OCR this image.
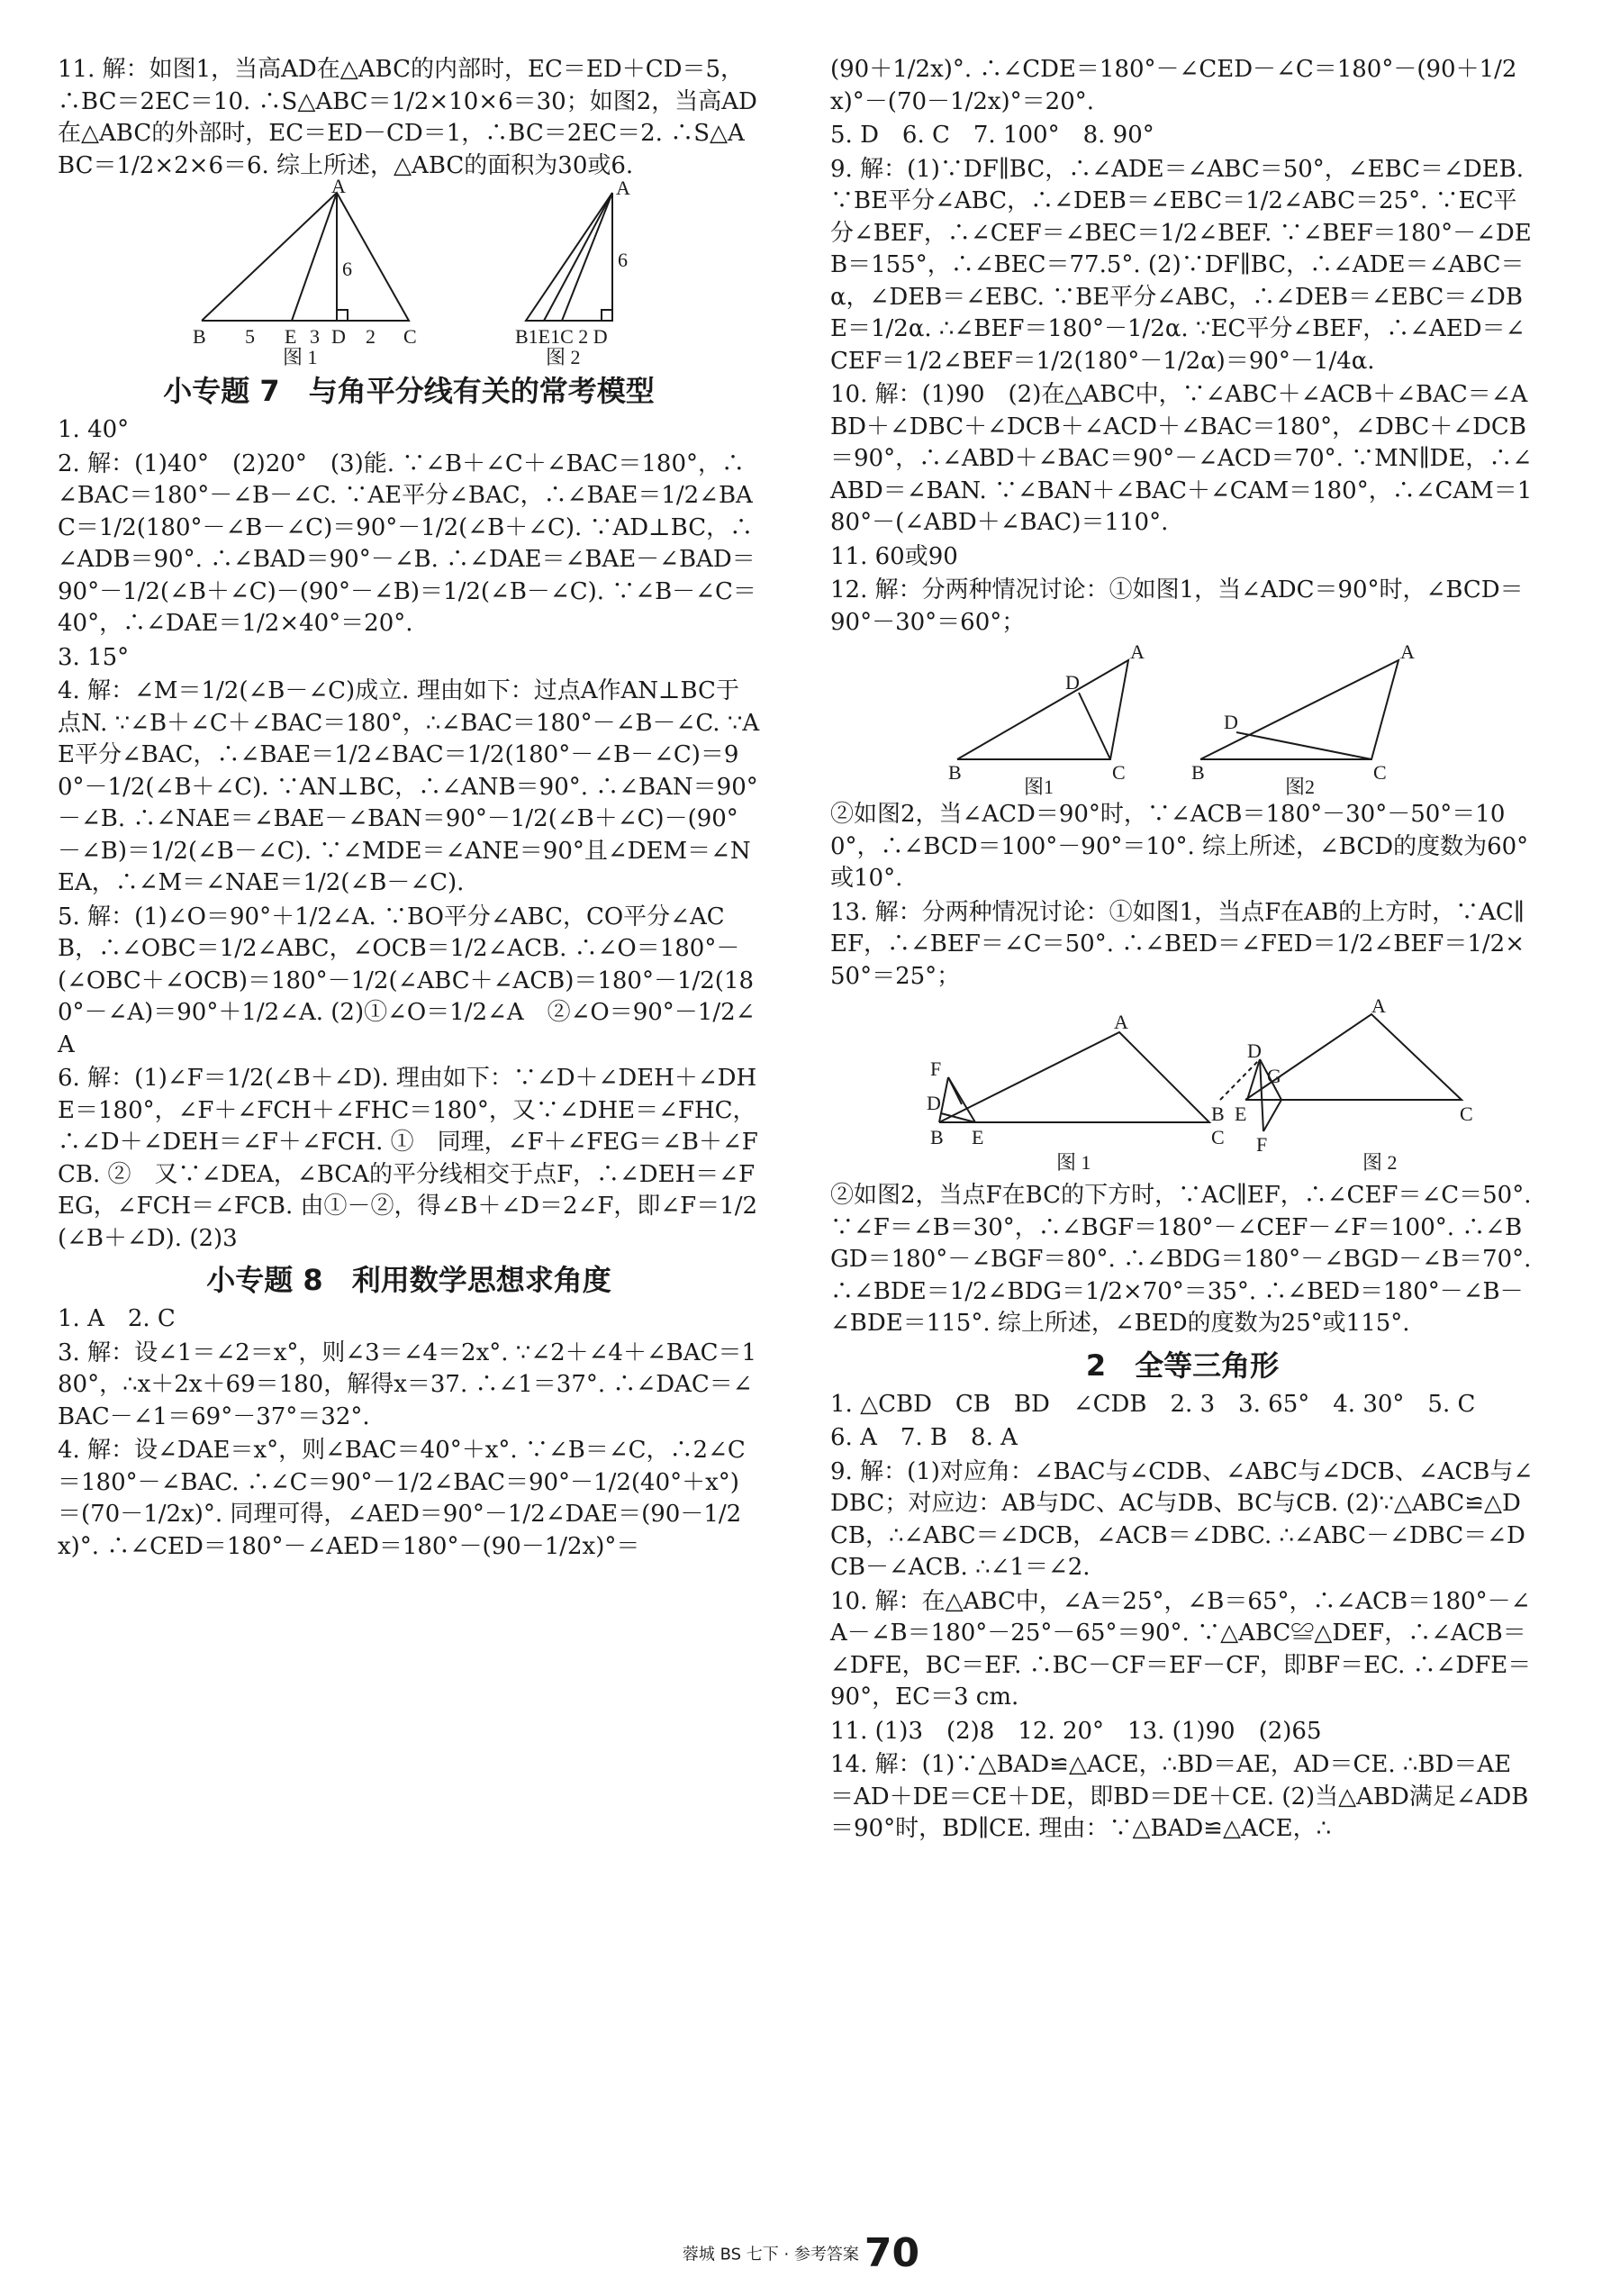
11. 解：如图1，当高AD在△ABC的内部时，EC＝ED＋CD＝5，∴BC＝2EC＝10. ∴S△ABC＝1/2×10×6＝30；如图2，当高AD在△ABC的外部时，EC＝ED－CD＝1，∴BC＝2EC＝2. ∴S△ABC＝1/2×2×6＝6. 综上所述，△ABC的面积为30或6.

A
B 5 E 3 D 2 C
6
图 1
A
B1E1C 2 D
6
图 2
小专题 7　与角平分线有关的常考模型

1. 40°

2. 解：(1)40°　(2)20°　(3)能. ∵∠B＋∠C＋∠BAC＝180°，∴∠BAC＝180°－∠B－∠C. ∵AE平分∠BAC，∴∠BAE＝1/2∠BAC＝1/2(180°－∠B－∠C)＝90°－1/2(∠B＋∠C). ∵AD⊥BC，∴∠ADB＝90°. ∴∠BAD＝90°－∠B. ∴∠DAE＝∠BAE－∠BAD＝90°－1/2(∠B＋∠C)－(90°－∠B)＝1/2(∠B－∠C). ∵∠B－∠C＝40°，∴∠DAE＝1/2×40°＝20°.

3. 15°

4. 解：∠M＝1/2(∠B－∠C)成立. 理由如下：过点A作AN⊥BC于点N. ∵∠B＋∠C＋∠BAC＝180°，∴∠BAC＝180°－∠B－∠C. ∵AE平分∠BAC，∴∠BAE＝1/2∠BAC＝1/2(180°－∠B－∠C)＝90°－1/2(∠B＋∠C). ∵AN⊥BC，∴∠ANB＝90°. ∴∠BAN＝90°－∠B. ∴∠NAE＝∠BAE－∠BAN＝90°－1/2(∠B＋∠C)－(90°－∠B)＝1/2(∠B－∠C). ∵∠MDE＝∠ANE＝90°且∠DEM＝∠NEA，∴∠M＝∠NAE＝1/2(∠B－∠C).

5. 解：(1)∠O＝90°＋1/2∠A. ∵BO平分∠ABC，CO平分∠ACB，∴∠OBC＝1/2∠ABC，∠OCB＝1/2∠ACB. ∴∠O＝180°－(∠OBC＋∠OCB)＝180°－1/2(∠ABC＋∠ACB)＝180°－1/2(180°－∠A)＝90°＋1/2∠A. (2)①∠O＝1/2∠A　②∠O＝90°－1/2∠A

6. 解：(1)∠F＝1/2(∠B＋∠D). 理由如下：∵∠D＋∠DEH＋∠DHE＝180°，∠F＋∠FCH＋∠FHC＝180°，又∵∠DHE＝∠FHC，∴∠D＋∠DEH＝∠F＋∠FCH. ①　同理，∠F＋∠FEG＝∠B＋∠FCB. ②　又∵∠DEA，∠BCA的平分线相交于点F，∴∠DEH＝∠FEG，∠FCH＝∠FCB. 由①－②，得∠B＋∠D＝2∠F，即∠F＝1/2(∠B＋∠D). (2)3

小专题 8　利用数学思想求角度

1. A　2. C

3. 解：设∠1＝∠2＝x°，则∠3＝∠4＝2x°. ∵∠2＋∠4＋∠BAC＝180°，∴x＋2x＋69＝180，解得x＝37. ∴∠1＝37°. ∴∠DAC＝∠BAC－∠1＝69°－37°＝32°.

4. 解：设∠DAE＝x°，则∠BAC＝40°＋x°. ∵∠B＝∠C，∴2∠C＝180°－∠BAC. ∴∠C＝90°－1/2∠BAC＝90°－1/2(40°＋x°)＝(70－1/2x)°. 同理可得，∠AED＝90°－1/2∠DAE＝(90－1/2x)°. ∴∠CED＝180°－∠AED＝180°－(90－1/2x)°＝

(90＋1/2x)°. ∴∠CDE＝180°－∠CED－∠C＝180°－(90＋1/2x)°－(70－1/2x)°＝20°.

5. D　6. C　7. 100°　8. 90°

9. 解：(1)∵DF∥BC，∴∠ADE＝∠ABC＝50°，∠EBC＝∠DEB. ∵BE平分∠ABC，∴∠DEB＝∠EBC＝1/2∠ABC＝25°. ∵EC平分∠BEF，∴∠CEF＝∠BEC＝1/2∠BEF. ∵∠BEF＝180°－∠DEB＝155°，∴∠BEC＝77.5°. (2)∵DF∥BC，∴∠ADE＝∠ABC＝α，∠DEB＝∠EBC. ∵BE平分∠ABC，∴∠DEB＝∠EBC＝∠DBE＝1/2α. ∴∠BEF＝180°－1/2α. ∵EC平分∠BEF，∴∠AED＝∠CEF＝1/2∠BEF＝1/2(180°－1/2α)＝90°－1/4α.

10. 解：(1)90　(2)在△ABC中，∵∠ABC＋∠ACB＋∠BAC＝∠ABD＋∠DBC＋∠DCB＋∠ACD＋∠BAC＝180°，∠DBC＋∠DCB＝90°，∴∠ABD＋∠BAC＝90°－∠ACD＝70°. ∵MN∥DE，∴∠ABD＝∠BAN. ∵∠BAN＋∠BAC＋∠CAM＝180°，∴∠CAM＝180°－(∠ABD＋∠BAC)＝110°.

11. 60或90

12. 解：分两种情况讨论：①如图1，当∠ADC＝90°时，∠BCD＝90°－30°＝60°；

A
D
B	C
图1
A
D
B	C
图2

②如图2，当∠ACD＝90°时，∵∠ACB＝180°－30°－50°＝100°，∴∠BCD＝100°－90°＝10°. 综上所述，∠BCD的度数为60°或10°.

13. 解：分两种情况讨论：①如图1，当点F在AB的上方时，∵AC∥EF，∴∠BEF＝∠C＝50°. ∴∠BED＝∠FED＝1/2∠BEF＝1/2×50°＝25°；

A
F
D
B E	C
图 1
A
D
G
B E	C
F
图 2

②如图2，当点F在BC的下方时，∵AC∥EF，∴∠CEF＝∠C＝50°. ∵∠F＝∠B＝30°，∴∠BGF＝180°－∠CEF－∠F＝100°. ∴∠BGD＝180°－∠BGF＝80°. ∴∠BDG＝180°－∠BGD－∠B＝70°. ∴∠BDE＝1/2∠BDG＝1/2×70°＝35°. ∴∠BED＝180°－∠B－∠BDE＝115°. 综上所述，∠BED的度数为25°或115°.

2　全等三角形

1. △CBD　CB　BD　∠CDB　2. 3　3. 65°　4. 30°　5. C

6. A　7. B　8. A

9. 解：(1)对应角：∠BAC与∠CDB、∠ABC与∠DCB、∠ACB与∠DBC；对应边：AB与DC、AC与DB、BC与CB. (2)∵△ABC≌△DCB，∴∠ABC＝∠DCB，∠ACB＝∠DBC. ∴∠ABC－∠DBC＝∠DCB－∠ACB. ∴∠1＝∠2.

10. 解：在△ABC中，∠A＝25°，∠B＝65°，∴∠ACB＝180°－∠A－∠B＝180°－25°－65°＝90°. ∵△ABC≌△DEF，∴∠ACB＝∠DFE，BC＝EF. ∴BC－CF＝EF－CF，即BF＝EC. ∴∠DFE＝90°，EC＝3 cm.

11. (1)3　(2)8　12. 20°　13. (1)90　(2)65

14. 解：(1)∵△BAD≌△ACE，∴BD＝AE，AD＝CE. ∴BD＝AE＝AD＋DE＝CE＋DE，即BD＝DE＋CE. (2)当△ABD满足∠ADB＝90°时，BD∥CE. 理由：∵△BAD≌△ACE，∴

蓉城 BS 七下 · 参考答案 70
